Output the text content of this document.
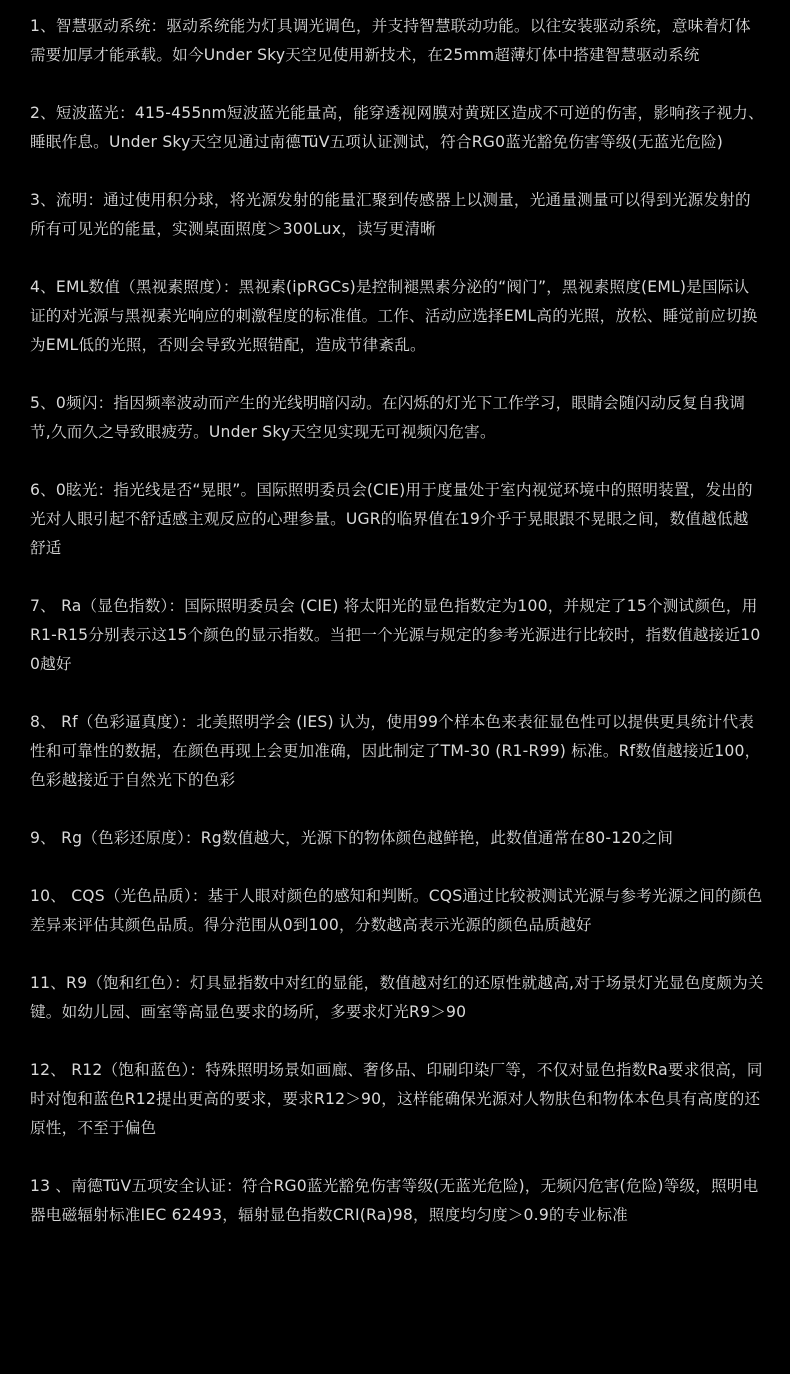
1、智慧驱动系统：驱动系统能为灯具调光调色，并支持智慧联动功能。以往安装驱动系统，意味着灯体需要加厚才能承载。如今Under Sky天空见使用新技术，在25mm超薄灯体中搭建智慧驱动系统

2、短波蓝光：415-455nm短波蓝光能量高，能穿透视网膜对黄斑区造成不可逆的伤害，影响孩子视力、睡眠作息。Under Sky天空见通过南德TüV五项认证测试，符合RG0蓝光豁免伤害等级(无蓝光危险)

3、流明：通过使用积分球，将光源发射的能量汇聚到传感器上以测量，光通量测量可以得到光源发射的所有可见光的能量，实测桌面照度＞300Lux，读写更清晰

4、EML数值（黑视素照度）：黑视素(ipRGCs)是控制褪黑素分泌的“阀门”，黑视素照度(EML)是国际认证的对光源与黑视素光响应的刺激程度的标准值。工作、活动应选择EML高的光照，放松、睡觉前应切换为EML低的光照，否则会导致光照错配，造成节律紊乱。

5、0频闪：指因频率波动而产生的光线明暗闪动。在闪烁的灯光下工作学习，眼睛会随闪动反复自我调节,久而久之导致眼疲劳。Under Sky天空见实现无可视频闪危害。

6、0眩光：指光线是否“晃眼”。国际照明委员会(CIE)用于度量处于室内视觉环境中的照明装置，发出的光对人眼引起不舒适感主观反应的心理参量。UGR的临界值在19介乎于晃眼跟不晃眼之间，数值越低越舒适

7、 Ra（显色指数）：国际照明委员会 (CIE) 将太阳光的显色指数定为100，并规定了15个测试颜色，用R1-R15分别表示这15个颜色的显示指数。当把一个光源与规定的参考光源进行比较时，指数值越接近100越好

8、 Rf（色彩逼真度）：北美照明学会 (IES) 认为，使用99个样本色来表征显色性可以提供更具统计代表性和可靠性的数据，在颜色再现上会更加准确，因此制定了TM-30 (R1-R99) 标准。Rf数值越接近100，色彩越接近于自然光下的色彩

9、 Rg（色彩还原度）：Rg数值越大，光源下的物体颜色越鲜艳，此数值通常在80-120之间

10、 CQS（光色品质）：基于人眼对颜色的感知和判断。CQS通过比较被测试光源与参考光源之间的颜色差异来评估其颜色品质。得分范围从0到100，分数越高表示光源的颜色品质越好

11、R9（饱和红色）：灯具显指数中对红的显能，数值越对红的还原性就越高,对于场景灯光显色度颇为关键。如幼儿园、画室等高显色要求的场所，多要求灯光R9＞90

12、 R12（饱和蓝色）：特殊照明场景如画廊、奢侈品、印刷印染厂等，不仅对显色指数Ra要求很高，同时对饱和蓝色R12提出更高的要求，要求R12＞90，这样能确保光源对人物肤色和物体本色具有高度的还原性，不至于偏色

13 、南德TüV五项安全认证：符合RG0蓝光豁免伤害等级(无蓝光危险)，无频闪危害(危险)等级，照明电器电磁辐射标准IEC 62493，辐射显色指数CRI(Ra)98，照度均匀度＞0.9的专业标准
